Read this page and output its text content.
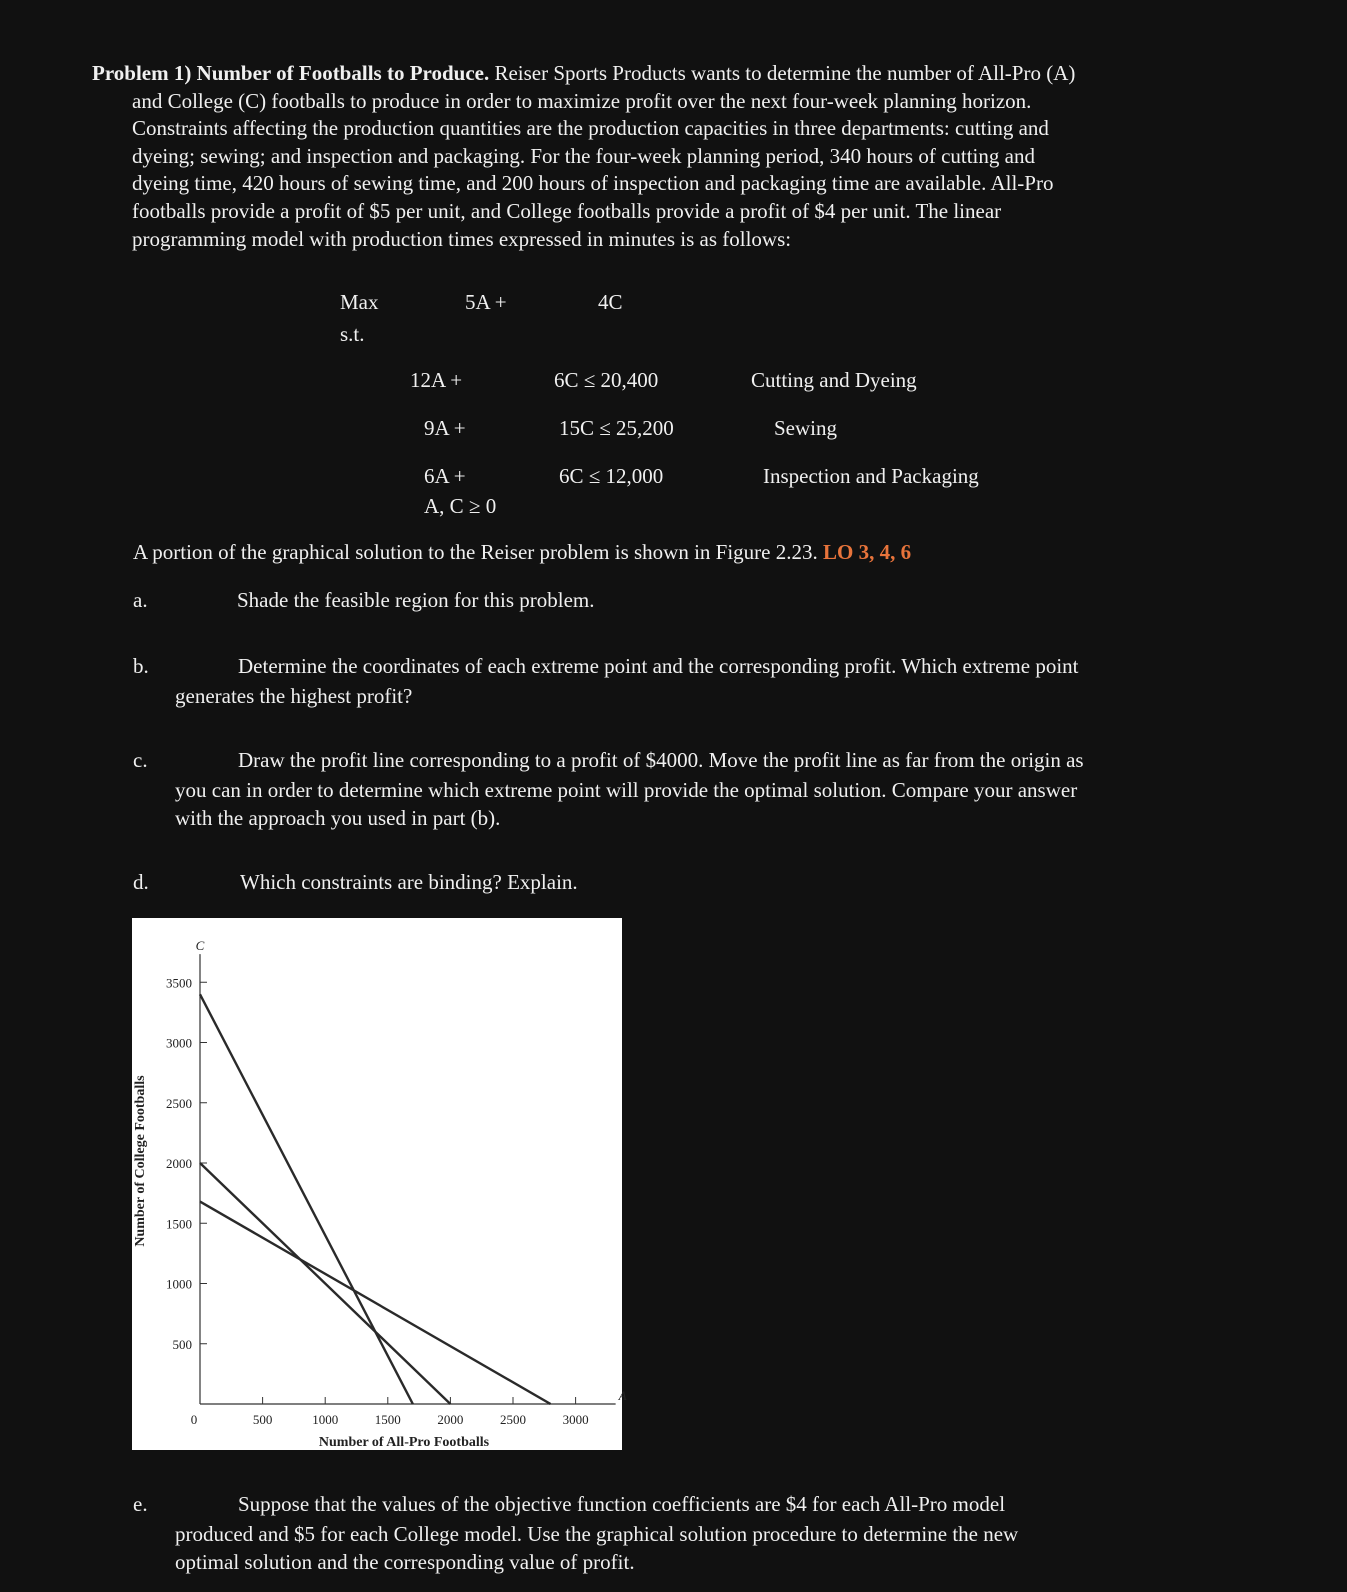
Problem 1) Number of Footballs to Produce. Reiser Sports Products wants to determine the number of All-Pro (A)

and College (C) footballs to produce in order to maximize profit over the next four-week planning horizon.

Constraints affecting the production quantities are the production capacities in three departments: cutting and

dyeing; sewing; and inspection and packaging. For the four-week planning period, 340 hours of cutting and

dyeing time, 420 hours of sewing time, and 200 hours of inspection and packaging time are available. All-Pro

footballs provide a profit of $5 per unit, and College footballs provide a profit of $4 per unit. The linear

programming model with production times expressed in minutes is as follows:

Max	5A +	4C
s.t.
12A +	6C ≤ 20,400	Cutting and Dyeing
9A +	15C ≤ 25,200	Sewing
6A +	6C ≤ 12,000	Inspection and Packaging
A, C ≥ 0
A portion of the graphical solution to the Reiser problem is shown in Figure 2.23. LO 3, 4, 6
a.	Shade the feasible region for this problem.
b.	Determine the coordinates of each extreme point and the corresponding profit. Which extreme point
generates the highest profit?
c.	Draw the profit line corresponding to a profit of $4000. Move the profit line as far from the origin as
you can in order to determine which extreme point will provide the optimal solution. Compare your answer
with the approach you used in part (b).
d.	Which constraints are binding? Explain.
500
1000
1500
2000
2500
3000
3500
0	500	1000	1500	2000	2500	3000
C
A
Number of All-Pro Footballs
Number of College Footballs
e.	Suppose that the values of the objective function coefficients are $4 for each All-Pro model
produced and $5 for each College model. Use the graphical solution procedure to determine the new
optimal solution and the corresponding value of profit.
